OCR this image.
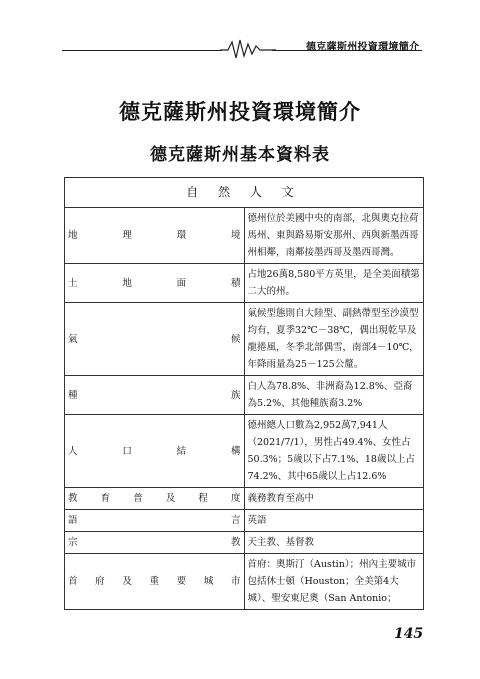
德克薩斯州投資環境簡介
德克薩斯州投資環境簡介
德克薩斯州基本資料表
自 然 人 文	
地理環境	德州位於美國中央的南部，北與奧克拉荷馬州、東與路易斯安那州、西與新墨西哥州相鄰，南鄰接墨西哥及墨西哥灣。
土地面積	占地26萬8,580平方英里，是全美面積第二大的州。
氣候	氣候型態則自大陸型、副熱帶型至沙漠型均有，夏季32℃－38℃，偶出現乾旱及龍捲風，冬季北部偶雪，南部4－10℃，年降雨量為25－125公釐。
種族	白人為78.8%、非洲裔為12.8%、亞裔為5.2%、其他種族裔3.2%
人口結構	德州總人口數為2,952萬7,941人（2021/7/1），男性占49.4%、女性占50.3%；5歲以下占7.1%、18歲以上占74.2%、其中65歲以上占12.6%
教育普及程度	義務教育至高中
語言	英語
宗教	天主教、基督教
首府及重要城市	首府：奧斯汀（Austin）；州內主要城市包括休士頓（Houston；全美第4大城）、聖安東尼奧（San Antonio；
145
